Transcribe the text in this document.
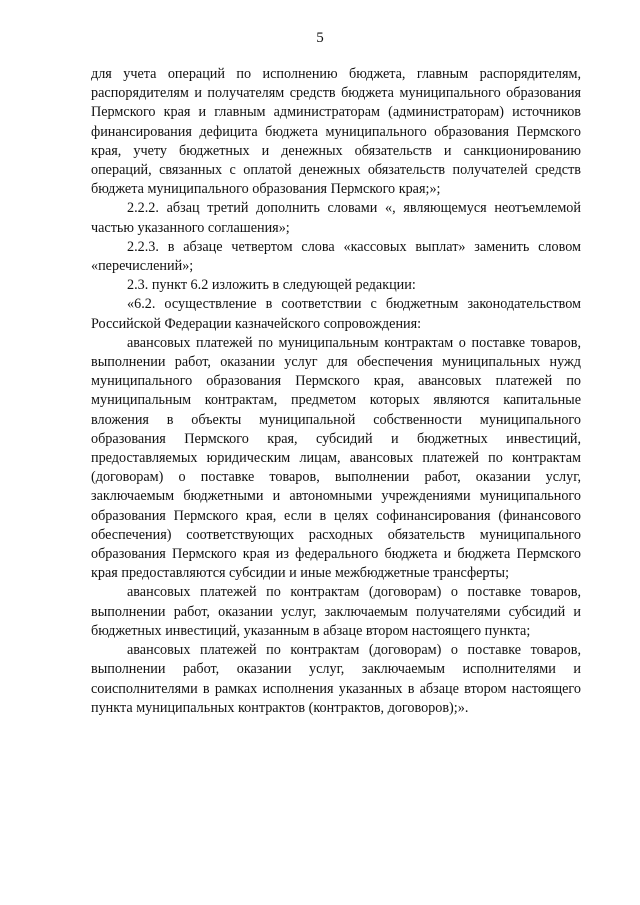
5

для учета операций по исполнению бюджета, главным распорядителям, распорядителям и получателям средств бюджета муниципального образования Пермского края и главным администраторам (администраторам) источников финансирования дефицита бюджета муниципального образования Пермского края, учету бюджетных и денежных обязательств и санкционированию операций, связанных с оплатой денежных обязательств получателей средств бюджета муниципального образования Пермского края;»;

2.2.2. абзац третий дополнить словами «, являющемуся неотъемлемой частью указанного соглашения»;

2.2.3. в абзаце четвертом слова «кассовых выплат» заменить словом «перечислений»;

2.3. пункт 6.2 изложить в следующей редакции:

«6.2. осуществление в соответствии с бюджетным законодательством Российской Федерации казначейского сопровождения:

авансовых платежей по муниципальным контрактам о поставке товаров, выполнении работ, оказании услуг для обеспечения муниципальных нужд муниципального образования Пермского края, авансовых платежей по муниципальным контрактам, предметом которых являются капитальные вложения в объекты муниципальной собственности муниципального образования Пермского края, субсидий и бюджетных инвестиций, предоставляемых юридическим лицам, авансовых платежей по контрактам (договорам) о поставке товаров, выполнении работ, оказании услуг, заключаемым бюджетными и автономными учреждениями муниципального образования Пермского края, если в целях софинансирования (финансового обеспечения) соответствующих расходных обязательств муниципального образования Пермского края из федерального бюджета и бюджета Пермского края предоставляются субсидии и иные межбюджетные трансферты;

авансовых платежей по контрактам (договорам) о поставке товаров, выполнении работ, оказании услуг, заключаемым получателями субсидий и бюджетных инвестиций, указанным в абзаце втором настоящего пункта;

авансовых платежей по контрактам (договорам) о поставке товаров, выполнении работ, оказании услуг, заключаемым исполнителями и соисполнителями в рамках исполнения указанных в абзаце втором настоящего пункта муниципальных контрактов (контрактов, договоров);».
